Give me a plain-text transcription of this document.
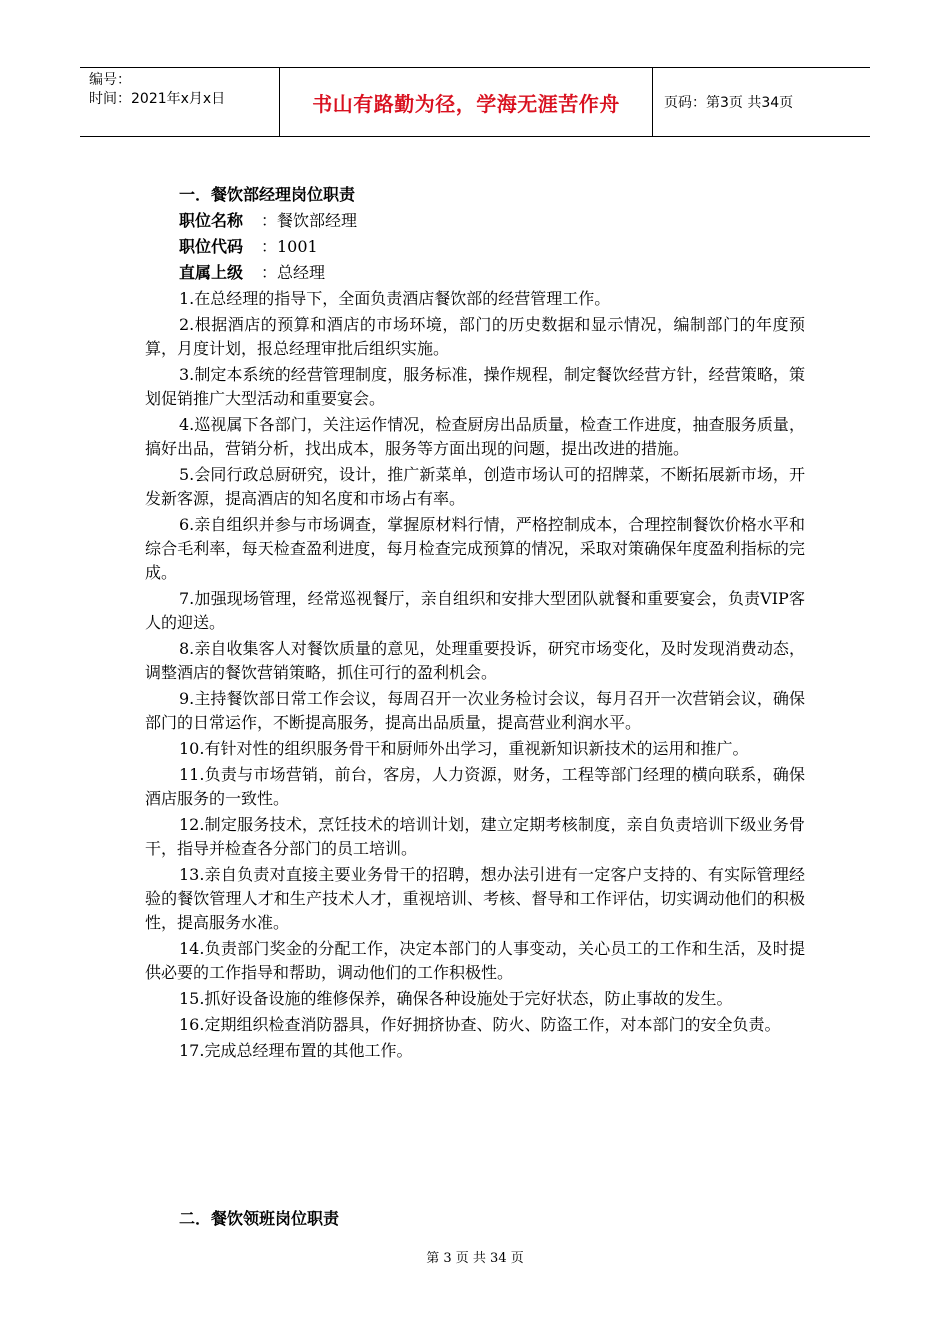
编号：
时间：2021年x月x日	书山有路勤为径，学海无涯苦作舟	页码：第3页 共34页
一．餐饮部经理岗位职责
职位名称	：餐饮部经理
职位代码	：1001
直属上级	：总经理
1.在总经理的指导下，全面负责酒店餐饮部的经营管理工作。
2.根据酒店的预算和酒店的市场环境，部门的历史数据和显示情况，编制部门的年度预算，月度计划，报总经理审批后组织实施。
3.制定本系统的经营管理制度，服务标准，操作规程，制定餐饮经营方针，经营策略，策划促销推广大型活动和重要宴会。
4.巡视属下各部门，关注运作情况，检查厨房出品质量，检查工作进度，抽查服务质量，搞好出品，营销分析，找出成本，服务等方面出现的问题，提出改进的措施。
5.会同行政总厨研究，设计，推广新菜单，创造市场认可的招牌菜，不断拓展新市场，开发新客源，提高酒店的知名度和市场占有率。
6.亲自组织并参与市场调查，掌握原材料行情，严格控制成本，合理控制餐饮价格水平和综合毛利率，每天检查盈利进度，每月检查完成预算的情况，采取对策确保年度盈利指标的完成。
7.加强现场管理，经常巡视餐厅，亲自组织和安排大型团队就餐和重要宴会，负责VIP客人的迎送。
8.亲自收集客人对餐饮质量的意见，处理重要投诉，研究市场变化，及时发现消费动态，调整酒店的餐饮营销策略，抓住可行的盈利机会。
9.主持餐饮部日常工作会议，每周召开一次业务检讨会议，每月召开一次营销会议，确保部门的日常运作，不断提高服务，提高出品质量，提高营业利润水平。
10.有针对性的组织服务骨干和厨师外出学习，重视新知识新技术的运用和推广。
11.负责与市场营销，前台，客房，人力资源，财务，工程等部门经理的横向联系，确保酒店服务的一致性。
12.制定服务技术，烹饪技术的培训计划，建立定期考核制度，亲自负责培训下级业务骨干，指导并检查各分部门的员工培训。
13.亲自负责对直接主要业务骨干的招聘，想办法引进有一定客户支持的、有实际管理经验的餐饮管理人才和生产技术人才，重视培训、考核、督导和工作评估，切实调动他们的积极性，提高服务水准。
14.负责部门奖金的分配工作，决定本部门的人事变动，关心员工的工作和生活，及时提供必要的工作指导和帮助，调动他们的工作积极性。
15.抓好设备设施的维修保养，确保各种设施处于完好状态，防止事故的发生。
16.定期组织检查消防器具，作好拥挤协查、防火、防盗工作，对本部门的安全负责。
17.完成总经理布置的其他工作。
二．餐饮领班岗位职责
第 3 页 共 34 页
